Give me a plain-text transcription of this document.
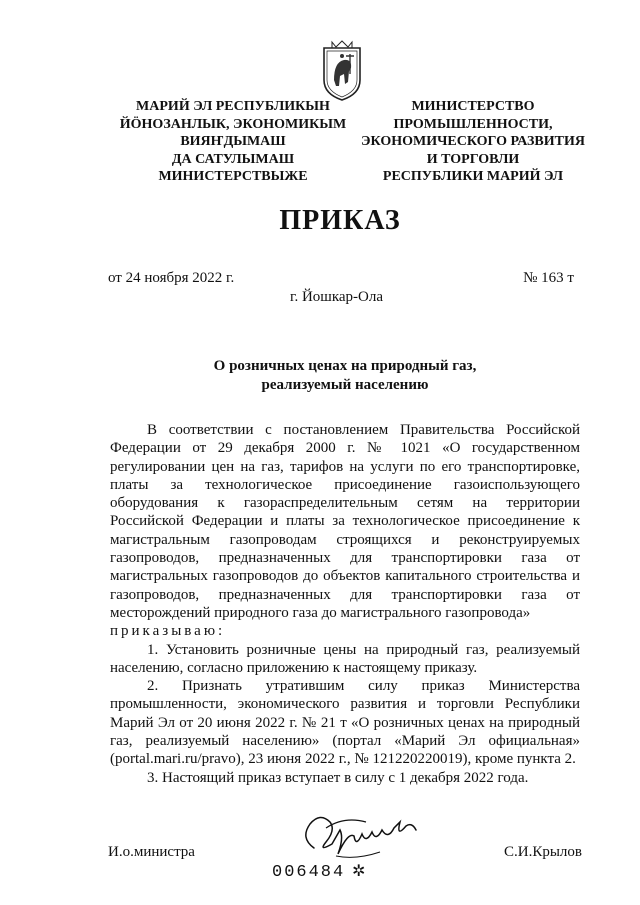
МАРИЙ ЭЛ РЕСПУБЛИКЫН
ЙӦНОЗАНЛЫК, ЭКОНОМИКЫМ
ВИЯҤДЫМАШ
ДА САТУЛЫМАШ
МИНИСТЕРСТВЫЖЕ
МИНИСТЕРСТВО
ПРОМЫШЛЕННОСТИ,
ЭКОНОМИЧЕСКОГО РАЗВИТИЯ
И ТОРГОВЛИ
РЕСПУБЛИКИ МАРИЙ ЭЛ
ПРИКАЗ
от 24 ноября 2022 г.	№ 163 т
г. Йошкар-Ола
О розничных ценах на природный газ,
реализуемый населению

В соответствии с постановлением Правительства Российской Федерации от 29 декабря 2000 г. № 1021 «О государственном регулировании цен на газ, тарифов на услуги по его транспортировке, платы за технологическое присоединение газоиспользующего оборудования к газораспределительным сетям на территории Российской Федерации и платы за технологическое присоединение к магистральным газопроводам строящихся и реконструируемых газопроводов, предназначенных для транспортировки газа от магистральных газопроводов до объектов капитального строительства и газопроводов, предназначенных для транспортировки газа от месторождений природного газа до магистрального газопровода»

приказываю:

1. Установить розничные цены на природный газ, реализуемый населению, согласно приложению к настоящему приказу.

2. Признать утратившим силу приказ Министерства промышленности, экономического развития и торговли Республики Марий Эл от 20 июня 2022 г. № 21 т «О розничных ценах на природный газ, реализуемый населению» (портал «Марий Эл официальная» (portal.mari.ru/pravo), 23 июня 2022 г., № 121220220019), кроме пункта 2.

3. Настоящий приказ вступает в силу с 1 декабря 2022 года.

И.о.министра	С.И.Крылов
006484 ✲
